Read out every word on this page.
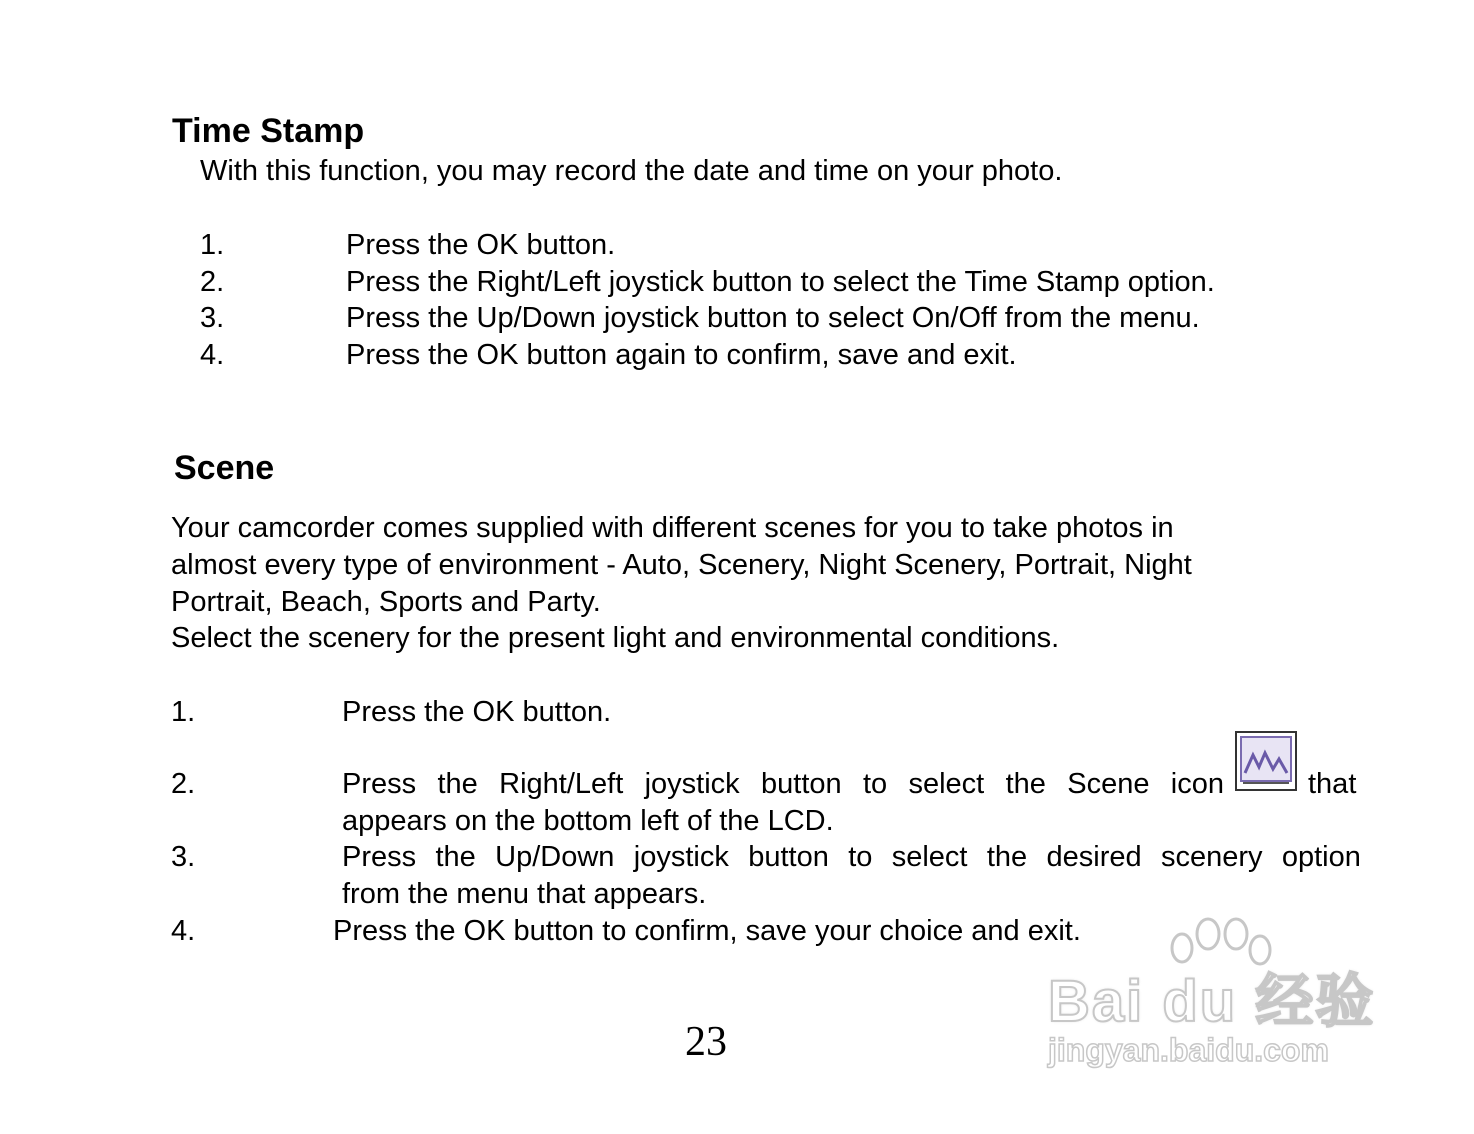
Time Stamp
With this function, you may record the date and time on your photo.
1.	Press the OK button.
2.	Press the Right/Left joystick button to select the Time Stamp option.
3.	Press the Up/Down joystick button to select On/Off from the menu.
4.	Press the OK button again to confirm, save and exit.
Scene
Your camcorder comes supplied with different scenes for you to take photos in
almost every type of environment - Auto, Scenery, Night Scenery, Portrait, Night
Portrait, Beach, Sports and Party.
Select the scenery for the present light and environmental conditions.
1.	Press the OK button.
2.	Press the Right/Left joystick button to select the Scene icon	that
appears on the bottom left of the LCD.
3.	Press the Up/Down joystick button to select the desired scenery option
from the menu that appears.
4.	Press the OK button to confirm, save your choice and exit.
23
Bai du 经验
jingyan.baidu.com
